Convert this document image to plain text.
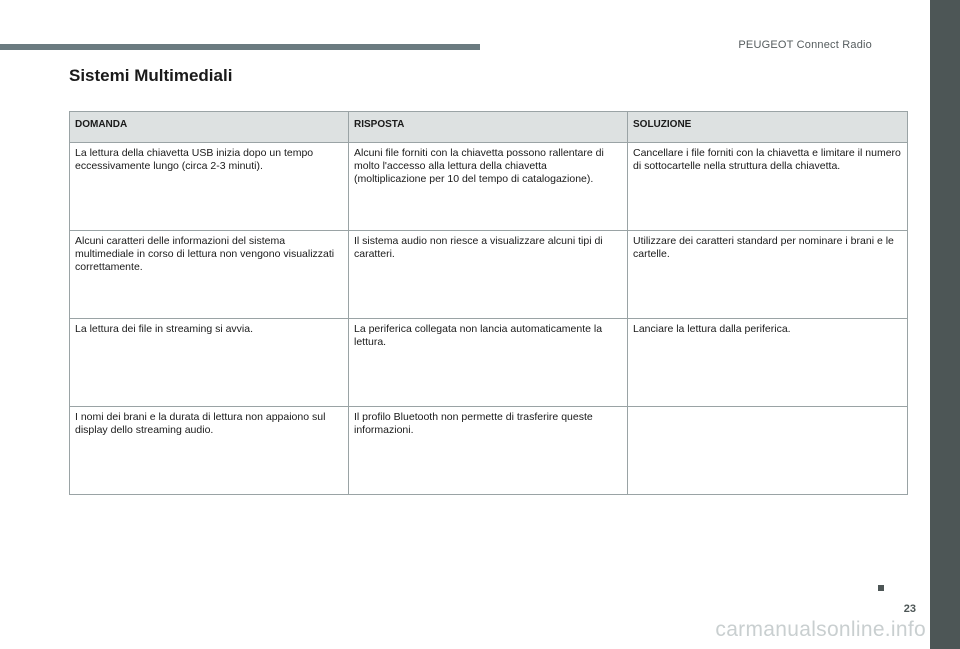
PEUGEOT Connect Radio
Sistemi Multimediali
DOMANDA	RISPOSTA	SOLUZIONE
La lettura della chiavetta USB inizia dopo un tempo eccessivamente lungo (circa 2-3 minuti).	Alcuni file forniti con la chiavetta possono rallentare di molto l'accesso alla lettura della chiavetta (moltiplicazione per 10 del tempo di catalogazione).	Cancellare i file forniti con la chiavetta e limitare il numero di sottocartelle nella struttura della chiavetta.
Alcuni caratteri delle informazioni del sistema multimediale in corso di lettura non vengono visualizzati correttamente.	Il sistema audio non riesce a visualizzare alcuni tipi di caratteri.	Utilizzare dei caratteri standard per nominare i brani e le cartelle.
La lettura dei file in streaming si avvia.	La periferica collegata non lancia automaticamente la lettura.	Lanciare la lettura dalla periferica.
I nomi dei brani e la durata di lettura non appaiono sul display dello streaming audio.	Il profilo Bluetooth non permette di trasferire queste informazioni.	
23
carmanualsonline.info
